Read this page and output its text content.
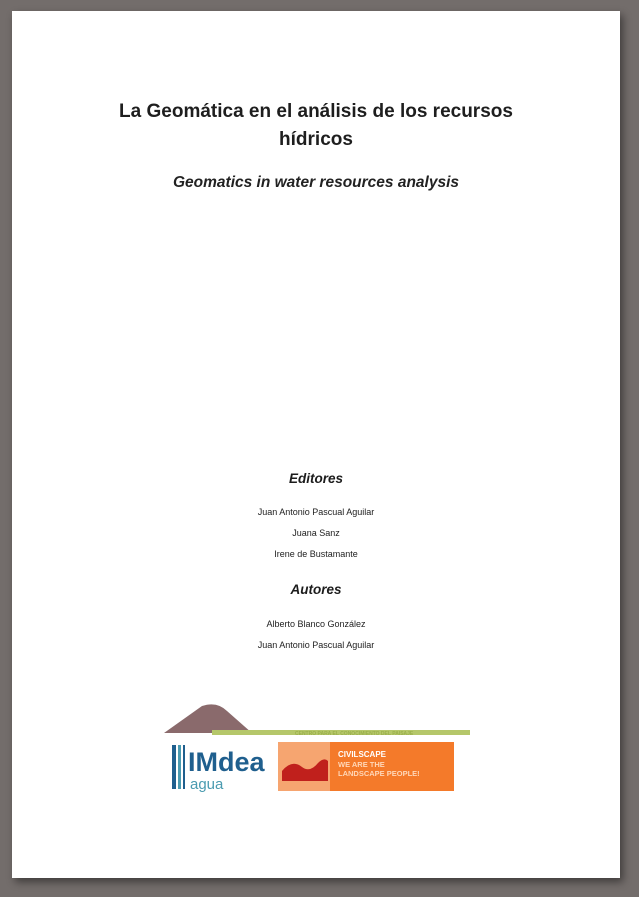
La Geomática en el análisis de los recursos
hídricos
Geomatics in water resources analysis
Editores
Juan Antonio Pascual Aguilar
Juana Sanz
Irene de Bustamante
Autores
Alberto Blanco González
Juan Antonio Pascual Aguilar
CENTRO PARA EL CONOCIMIENTO DEL PAISAJE
IMdea
agua
CIVILSCAPE
WE ARE THE
LANDSCAPE PEOPLE!
